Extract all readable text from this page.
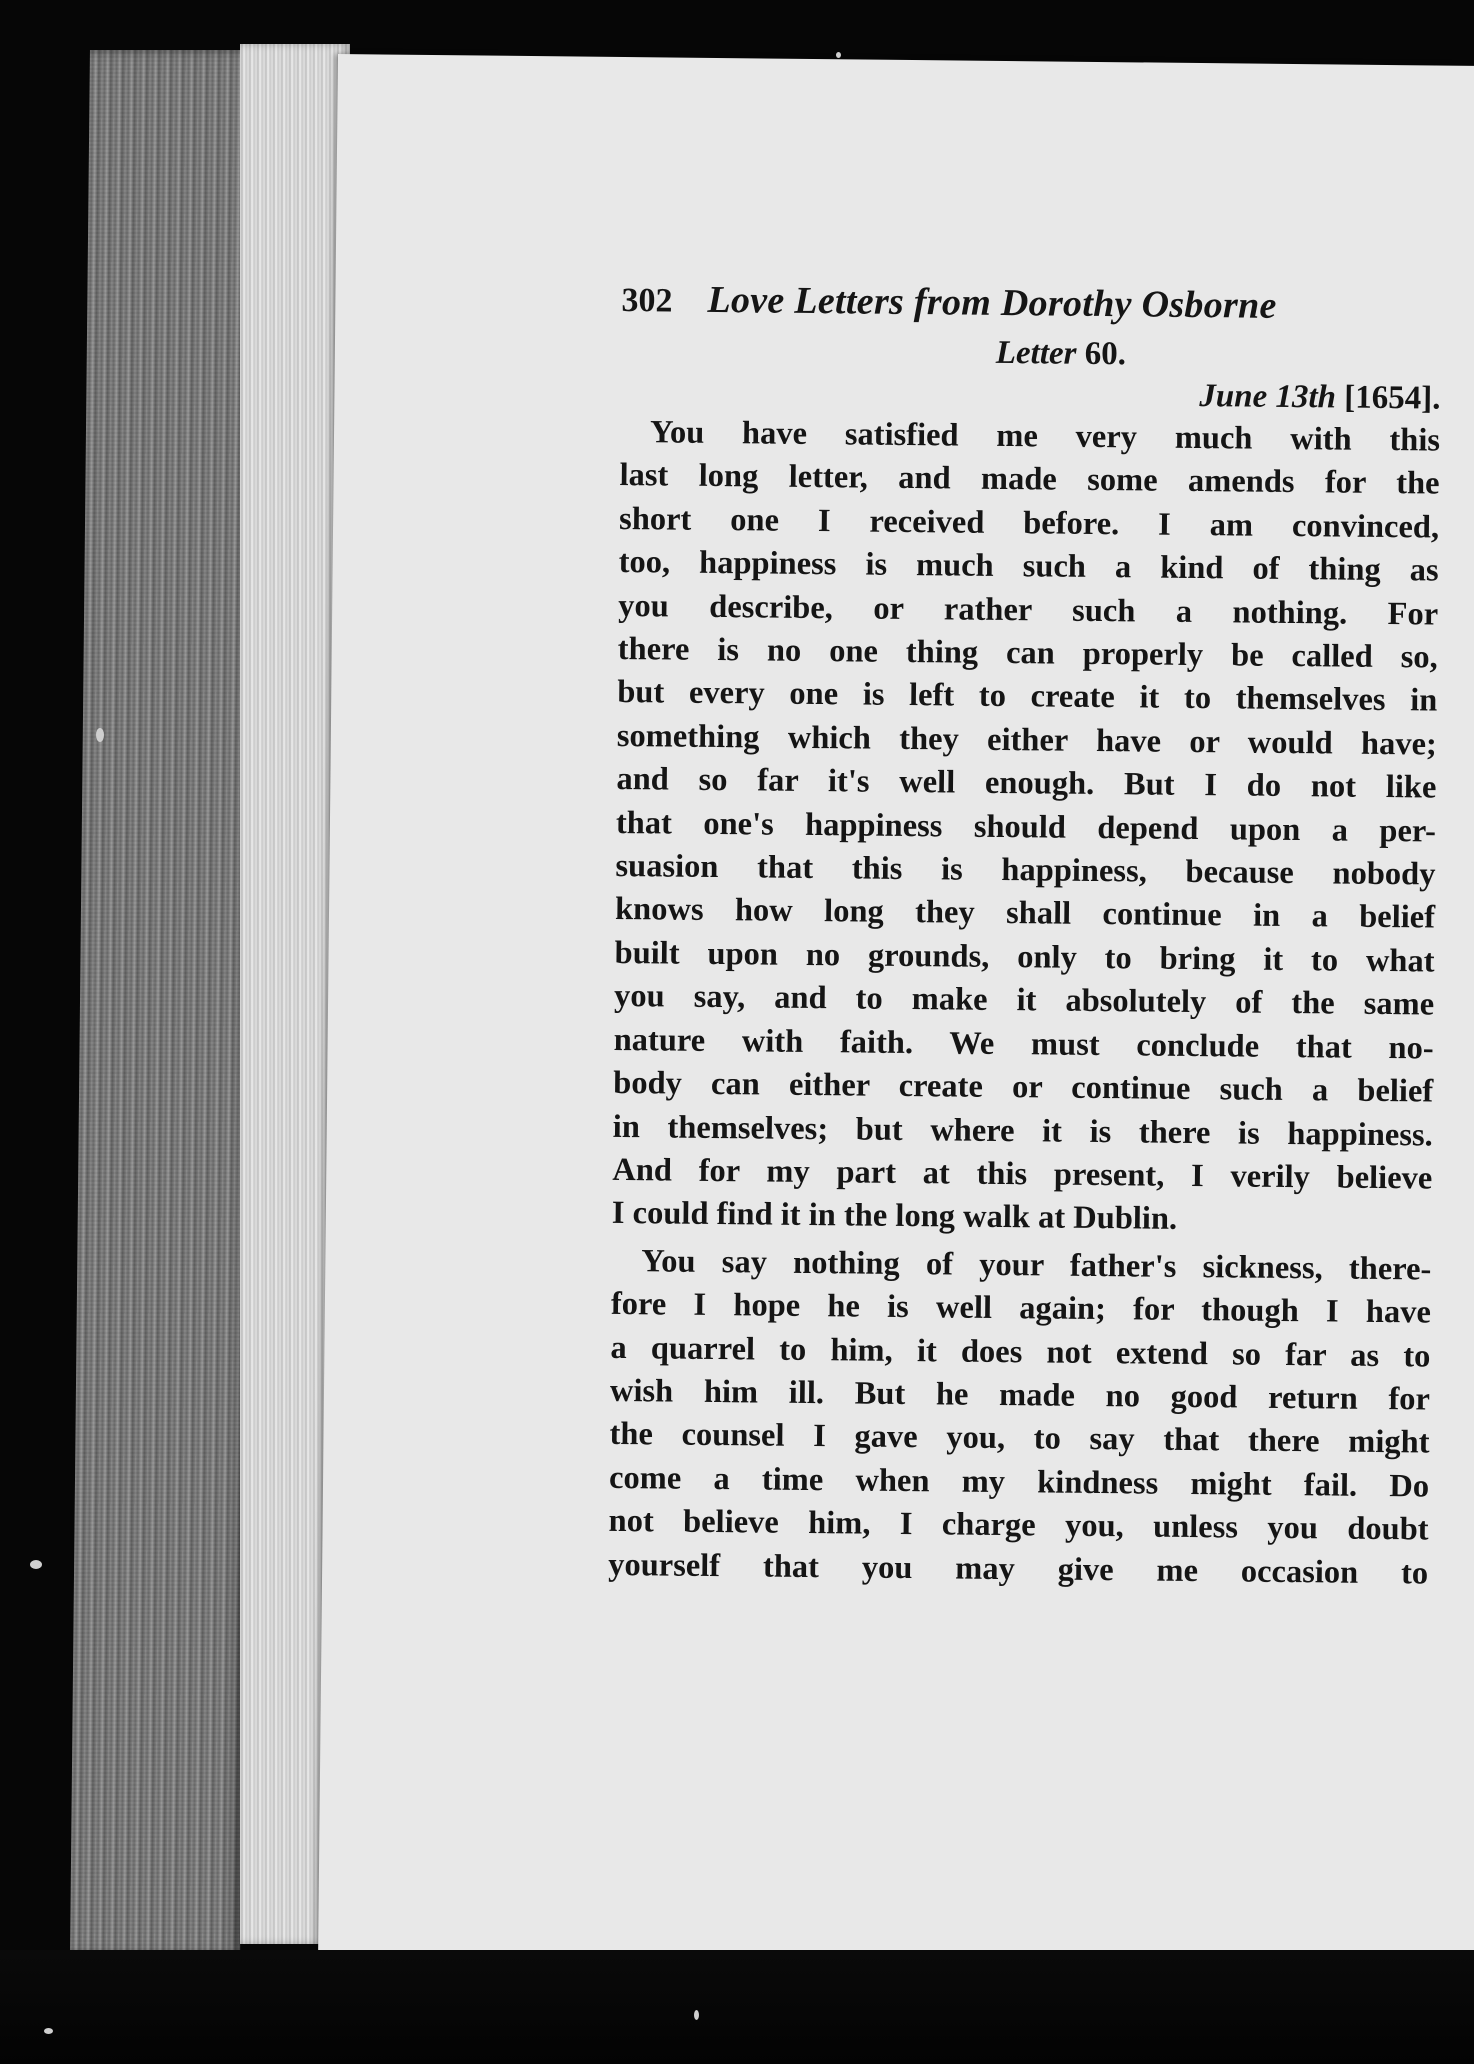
302 Love Letters from Dorothy Osborne
Letter 60.
June 13th [1654].

You have satisfied me very much with this
last long letter, and made some amends for the
short one I received before. I am convinced,
too, happiness is much such a kind of thing as
you describe, or rather such a nothing. For
there is no one thing can properly be called so,
but every one is left to create it to themselves in
something which they either have or would have;
and so far it's well enough. But I do not like
that one's happiness should depend upon a per-
suasion that this is happiness, because nobody
knows how long they shall continue in a belief
built upon no grounds, only to bring it to what
you say, and to make it absolutely of the same
nature with faith. We must conclude that no-
body can either create or continue such a belief
in themselves; but where it is there is happiness.
And for my part at this present, I verily believe
I could find it in the long walk at Dublin.

You say nothing of your father's sickness, there-
fore I hope he is well again; for though I have
a quarrel to him, it does not extend so far as to
wish him ill. But he made no good return for
the counsel I gave you, to say that there might
come a time when my kindness might fail. Do
not believe him, I charge you, unless you doubt
yourself that you may give me occasion to
